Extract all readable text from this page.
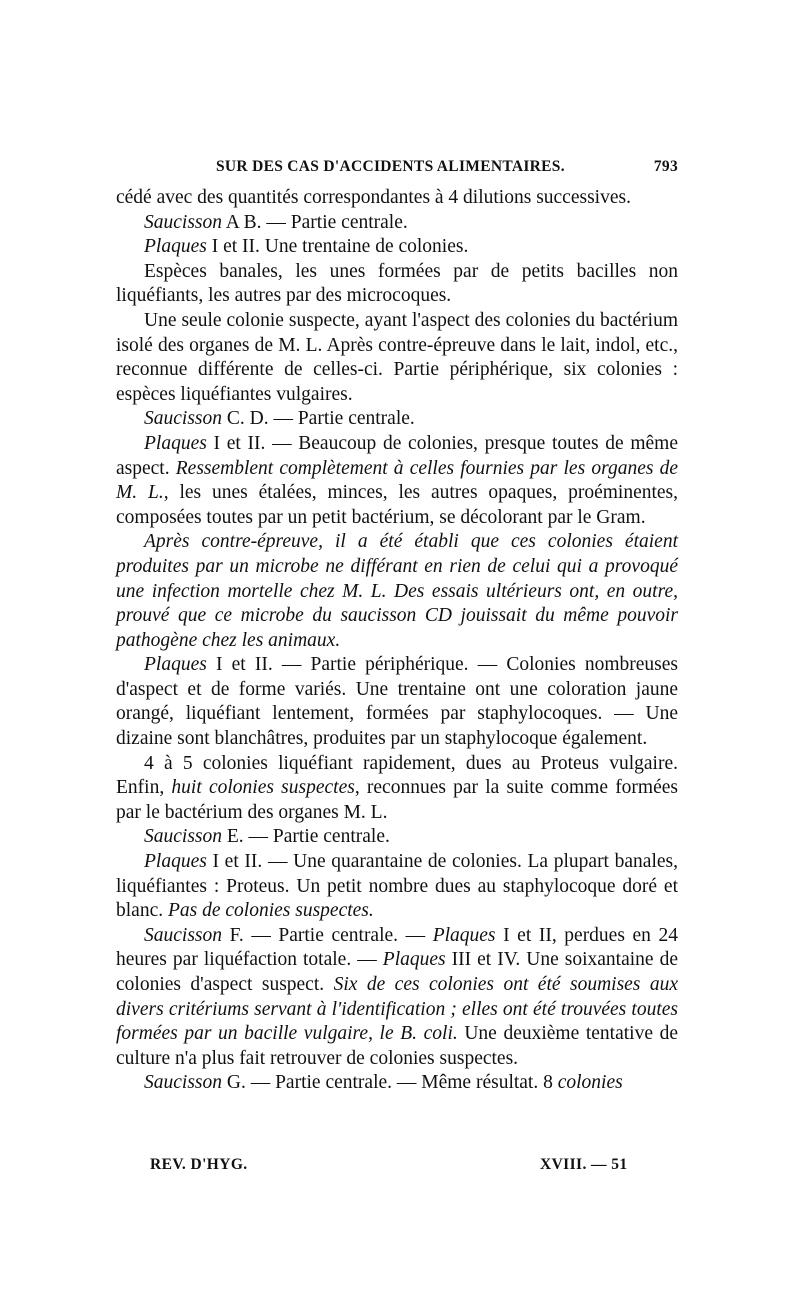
SUR DES CAS D'ACCIDENTS ALIMENTAIRES.	793

cédé avec des quantités correspondantes à 4 dilutions successives.

Saucisson A B. — Partie centrale.

Plaques I et II. Une trentaine de colonies.

Espèces banales, les unes formées par de petits bacilles non liquéfiants, les autres par des microcoques.

Une seule colonie suspecte, ayant l'aspect des colonies du bactérium isolé des organes de M. L. Après contre-épreuve dans le lait, indol, etc., reconnue différente de celles-ci. Partie périphérique, six colonies : espèces liquéfiantes vulgaires.

Saucisson C. D. — Partie centrale.

Plaques I et II. — Beaucoup de colonies, presque toutes de même aspect. Ressemblent complètement à celles fournies par les organes de M. L., les unes étalées, minces, les autres opaques, proéminentes, composées toutes par un petit bactérium, se décolorant par le Gram.

Après contre-épreuve, il a été établi que ces colonies étaient produites par un microbe ne différant en rien de celui qui a provoqué une infection mortelle chez M. L. Des essais ultérieurs ont, en outre, prouvé que ce microbe du saucisson CD jouissait du même pouvoir pathogène chez les animaux.

Plaques I et II. — Partie périphérique. — Colonies nombreuses d'aspect et de forme variés. Une trentaine ont une coloration jaune orangé, liquéfiant lentement, formées par staphylocoques. — Une dizaine sont blanchâtres, produites par un staphylocoque également.

4 à 5 colonies liquéfiant rapidement, dues au Proteus vulgaire. Enfin, huit colonies suspectes, reconnues par la suite comme formées par le bactérium des organes M. L.

Saucisson E. — Partie centrale.

Plaques I et II. — Une quarantaine de colonies. La plupart banales, liquéfiantes : Proteus. Un petit nombre dues au staphylocoque doré et blanc. Pas de colonies suspectes.

Saucisson F. — Partie centrale. — Plaques I et II, perdues en 24 heures par liquéfaction totale. — Plaques III et IV. Une soixantaine de colonies d'aspect suspect. Six de ces colonies ont été soumises aux divers critériums servant à l'identification ; elles ont été trouvées toutes formées par un bacille vulgaire, le B. coli. Une deuxième tentative de culture n'a plus fait retrouver de colonies suspectes.

Saucisson G. — Partie centrale. — Même résultat. 8 colonies

REV. D'HYG.	XVIII. — 51
